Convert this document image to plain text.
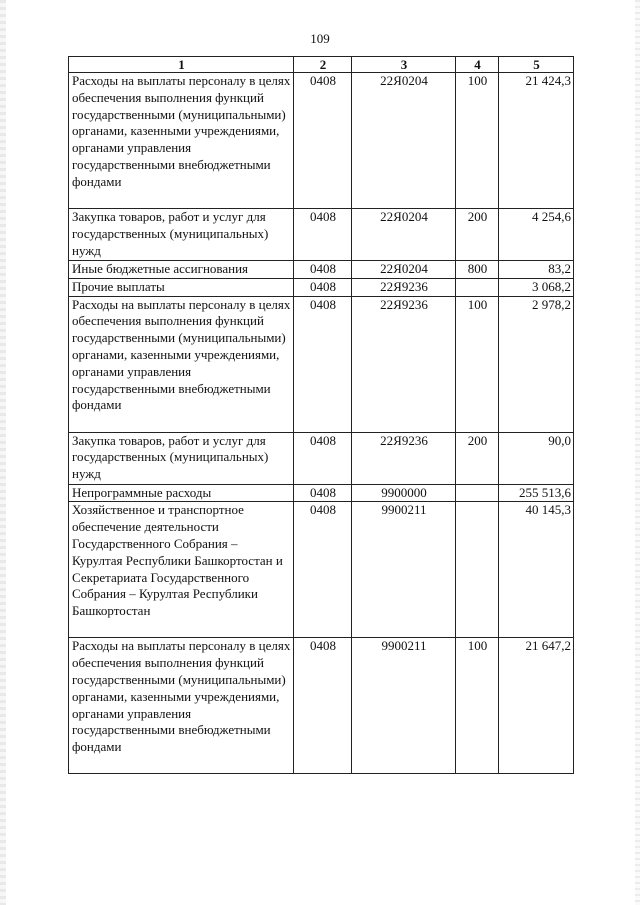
109
1	2	3	4	5
Расходы на выплаты персоналу в целях обеспечения выполнения функций государственными (муниципальными) органами, казенными учреждениями, органами управления государственными внебюджетными фондами	0408	22Я0204	100	21 424,3
Закупка товаров, работ и услуг для государственных (муниципальных) нужд	0408	22Я0204	200	4 254,6
Иные бюджетные ассигнования	0408	22Я0204	800	83,2
Прочие выплаты	0408	22Я9236		3 068,2
Расходы на выплаты персоналу в целях обеспечения выполнения функций государственными (муниципальными) органами, казенными учреждениями, органами управления государственными внебюджетными фондами	0408	22Я9236	100	2 978,2
Закупка товаров, работ и услуг для государственных (муниципальных) нужд	0408	22Я9236	200	90,0
Непрограммные расходы	0408	9900000		255 513,6
Хозяйственное и транспортное обеспечение деятельности Государственного Собрания – Курултая Республики Башкортостан и Секретариата Государственного Собрания – Курултая Республики Башкортостан	0408	9900211		40 145,3
Расходы на выплаты персоналу в целях обеспечения выполнения функций государственными (муниципальными) органами, казенными учреждениями, органами управления государственными внебюджетными фондами	0408	9900211	100	21 647,2
